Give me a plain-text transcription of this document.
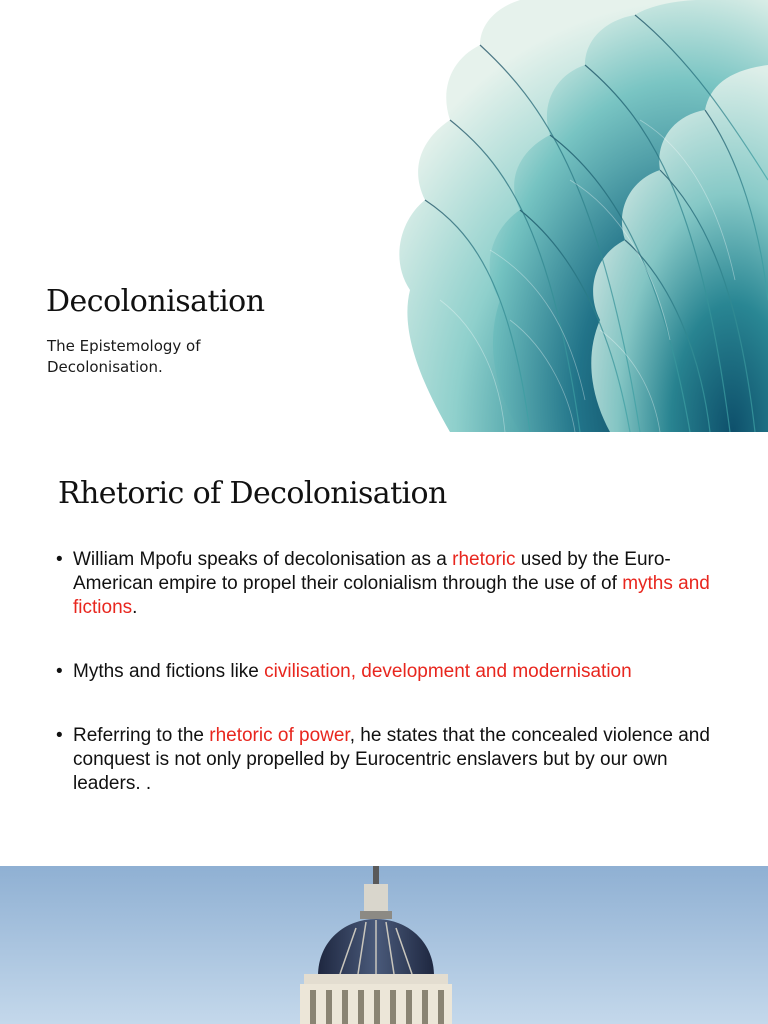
Decolonisation
The Epistemology of Decolonisation.
Rhetoric of Decolonisation
• William Mpofu speaks of decolonisation as a rhetoric used by the Euro-American empire to propel their colonialism through the use of of myths and fictions.
• Myths and fictions like civilisation, development and modernisation
• Referring to the rhetoric of power, he states that the concealed violence and conquest is not only propelled by Eurocentric enslavers but by our own leaders. .
